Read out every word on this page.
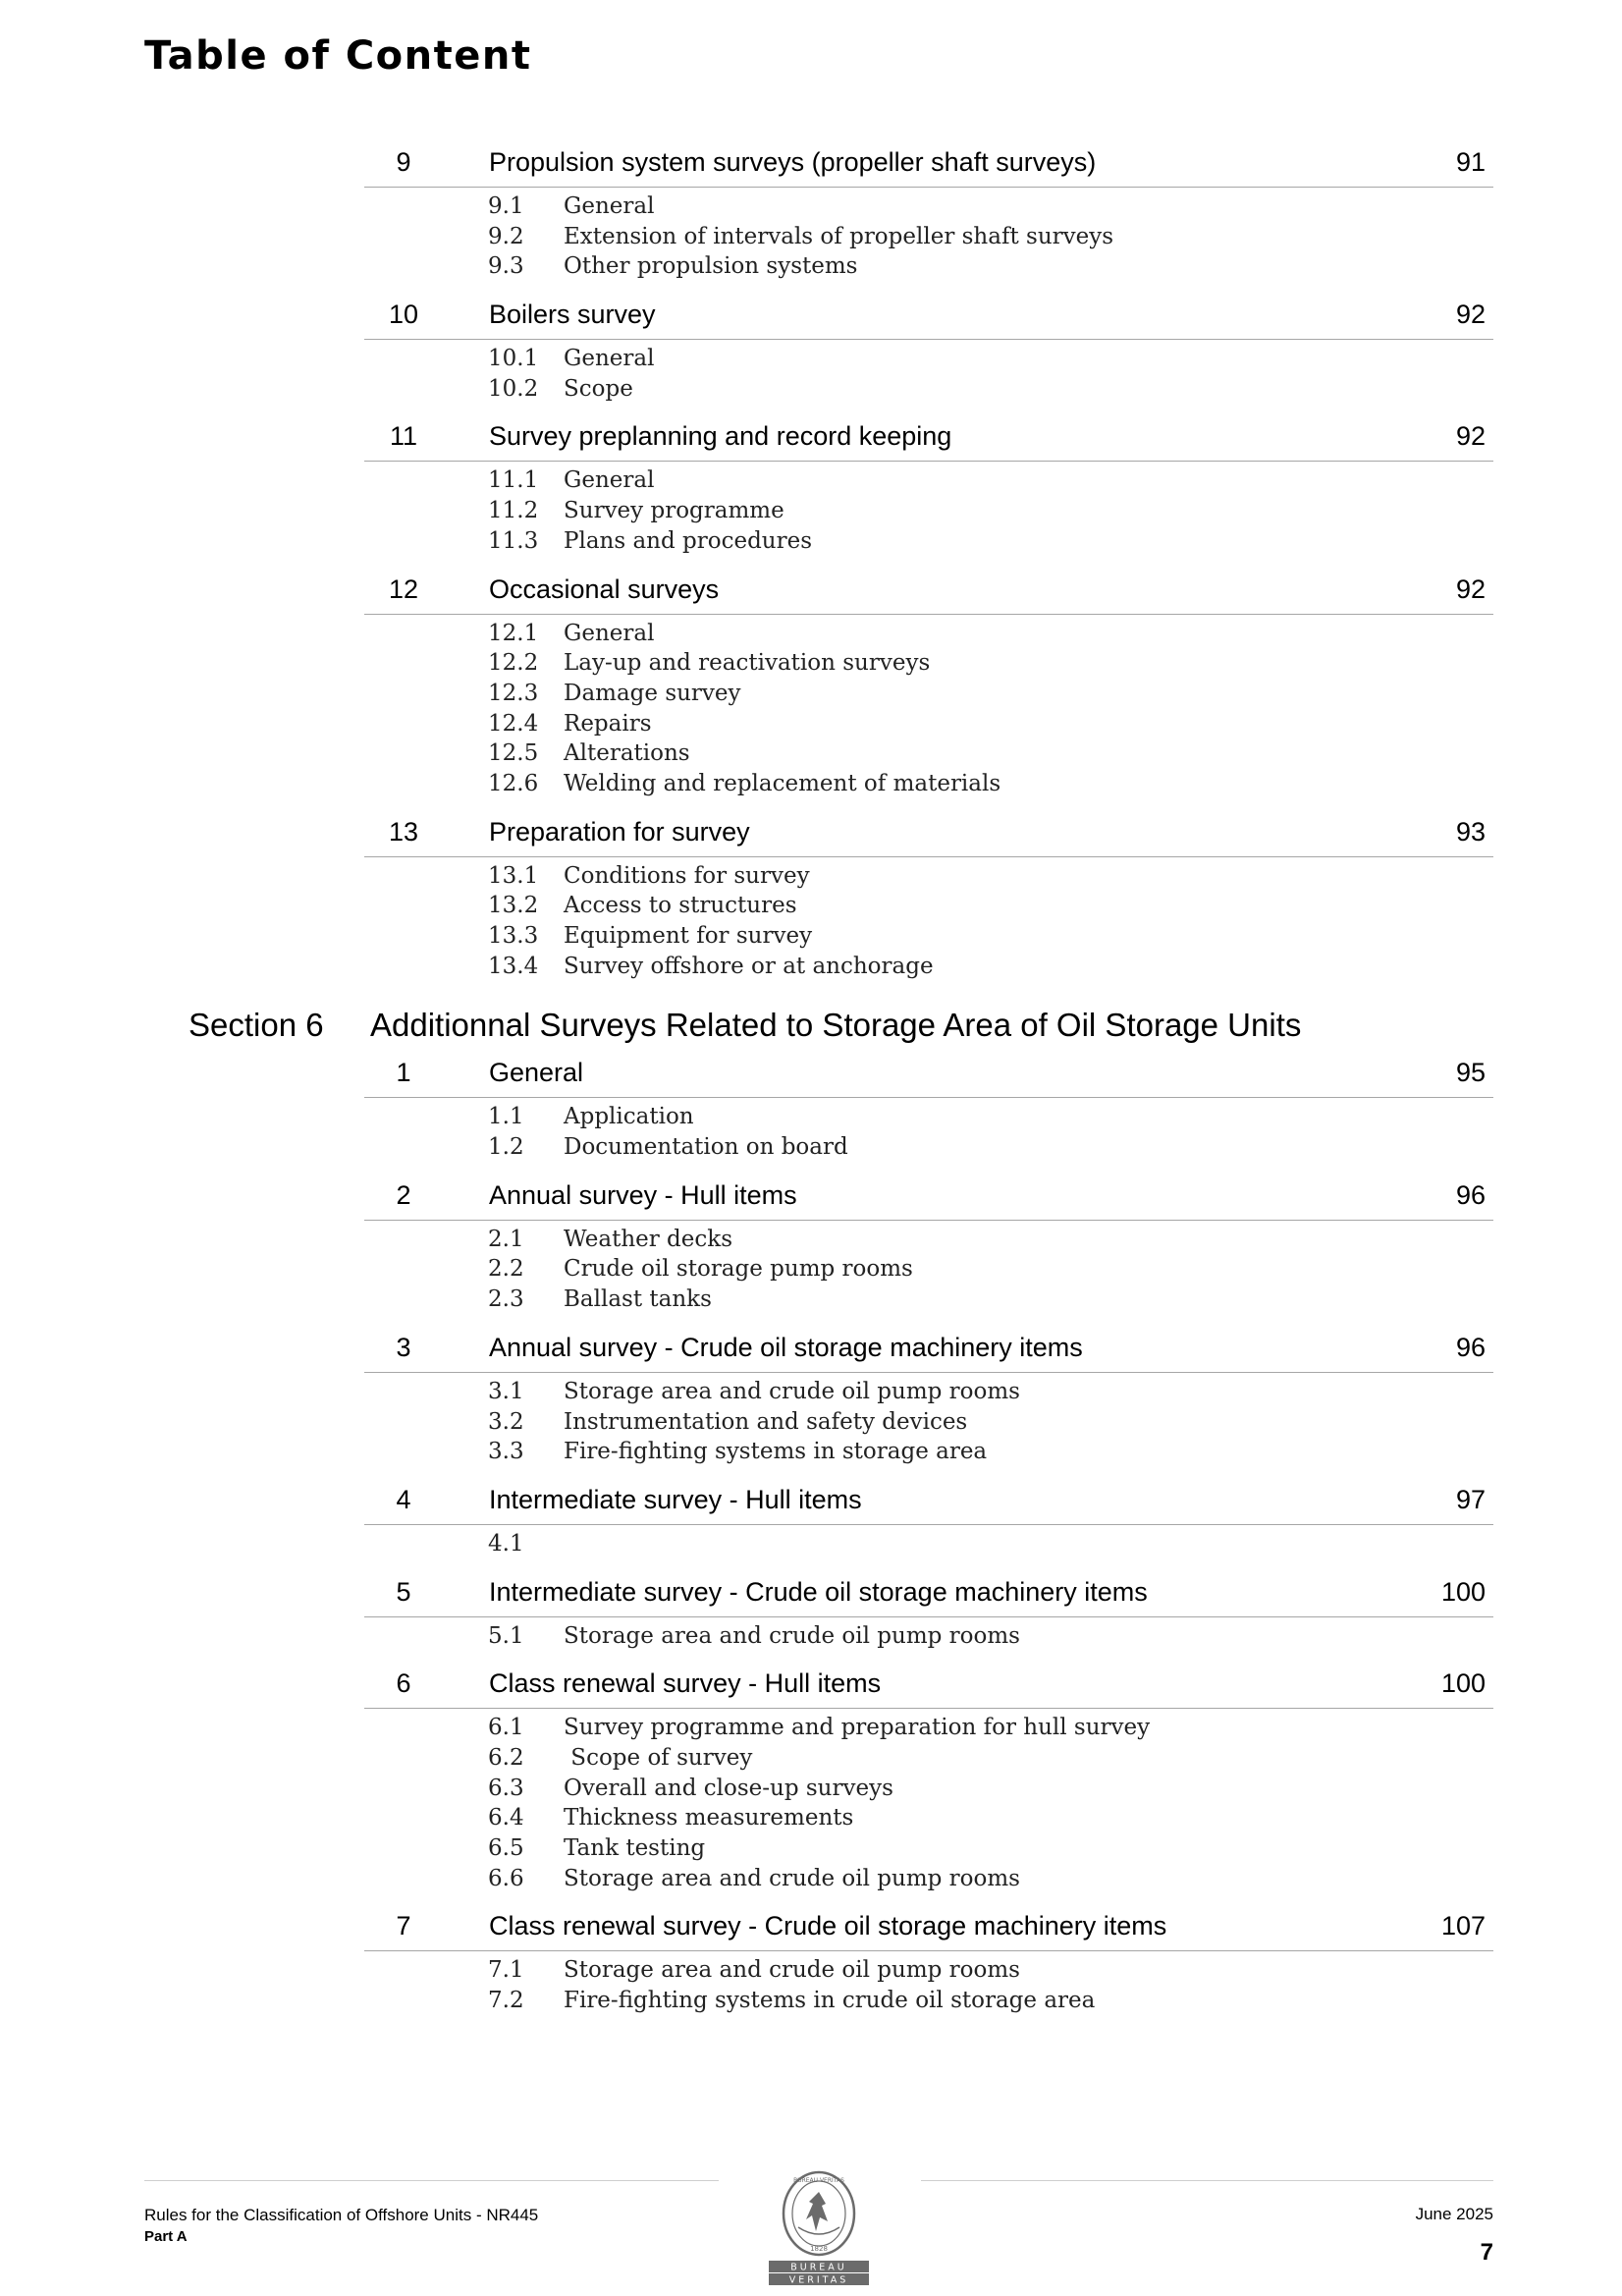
Table of Content
9	Propulsion system surveys (propeller shaft surveys)	91
9.1 General
9.2 Extension of intervals of propeller shaft surveys
9.3 Other propulsion systems
10	Boilers survey	92
10.1 General
10.2 Scope
11	Survey preplanning and record keeping	92
11.1 General
11.2 Survey programme
11.3 Plans and procedures
12	Occasional surveys	92
12.1 General
12.2 Lay-up and reactivation surveys
12.3 Damage survey
12.4 Repairs
12.5 Alterations
12.6 Welding and replacement of materials
13	Preparation for survey	93
13.1 Conditions for survey
13.2 Access to structures
13.3 Equipment for survey
13.4 Survey offshore or at anchorage
Section 6 Additionnal Surveys Related to Storage Area of Oil Storage Units
1	General	95
1.1 Application
1.2 Documentation on board
2	Annual survey - Hull items	96
2.1 Weather decks
2.2 Crude oil storage pump rooms
2.3 Ballast tanks
3	Annual survey - Crude oil storage machinery items	96
3.1 Storage area and crude oil pump rooms
3.2 Instrumentation and safety devices
3.3 Fire-fighting systems in storage area
4	Intermediate survey - Hull items	97
4.1
5	Intermediate survey - Crude oil storage machinery items	100
5.1 Storage area and crude oil pump rooms
6	Class renewal survey - Hull items	100
6.1 Survey programme and preparation for hull survey
6.2 Scope of survey
6.3 Overall and close-up surveys
6.4 Thickness measurements
6.5 Tank testing
6.6 Storage area and crude oil pump rooms
7	Class renewal survey - Crude oil storage machinery items	107
7.1 Storage area and crude oil pump rooms
7.2 Fire-fighting systems in crude oil storage area
Rules for the Classification of Offshore Units - NR445
Part A
BUREAU VERITAS
1828
BUREAU
VERITAS
June 2025
7
